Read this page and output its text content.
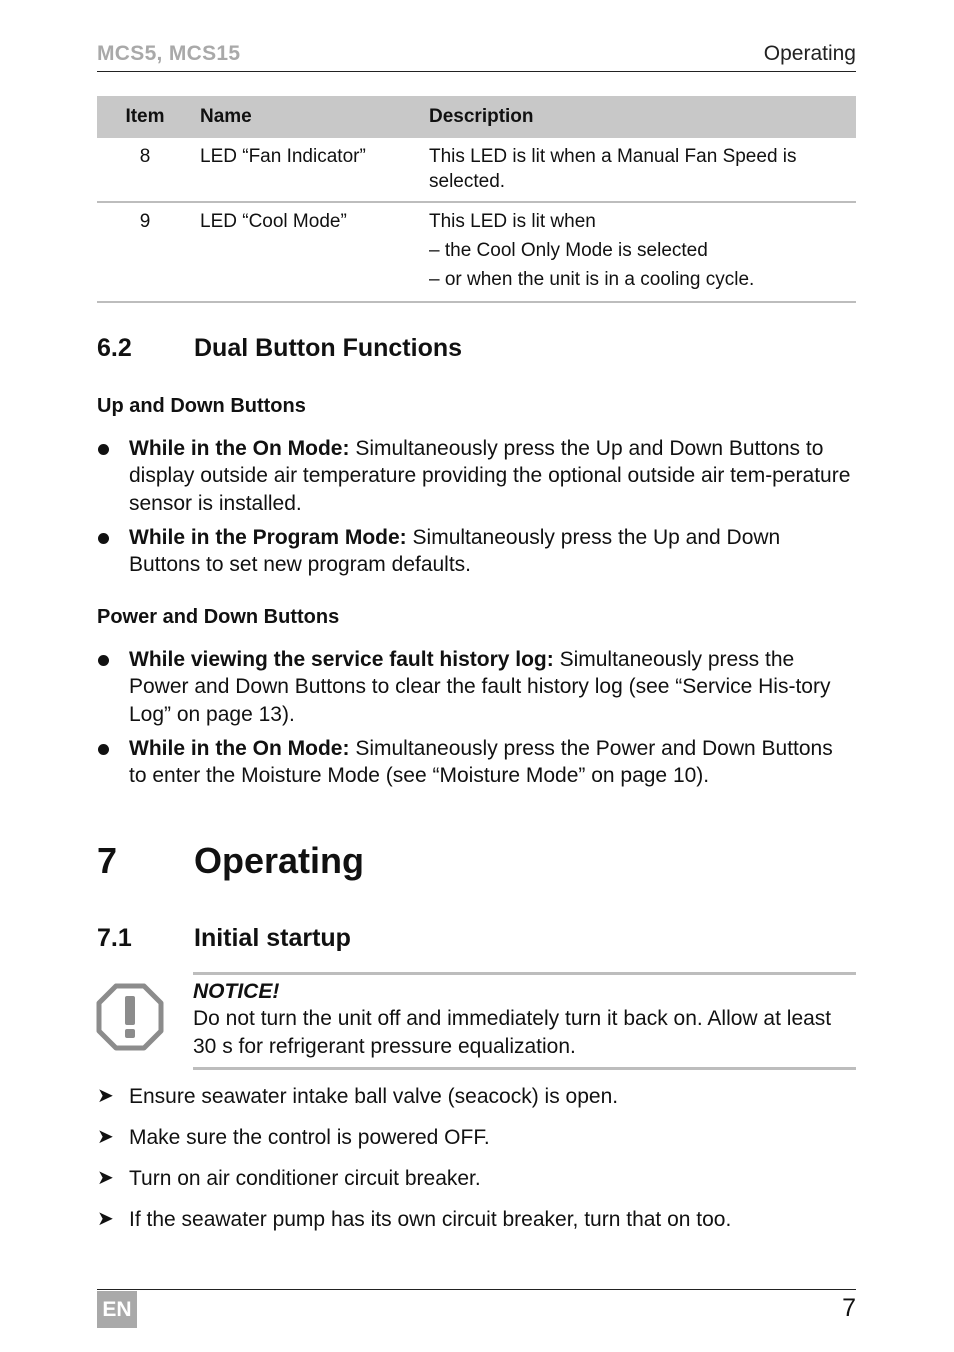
MCS5, MCS15	Operating
Item	Name	Description
8	LED “Fan Indicator”	This LED is lit when a Manual Fan Speed is selected.

9	LED “Cool Mode”	This LED is lit when
– the Cool Only Mode is selected
– or when the unit is in a cooling cycle.
6.2 Dual Button Functions
Up and Down Buttons
While in the On Mode: Simultaneously press the Up and Down Buttons to display outside air temperature providing the optional outside air tem-perature sensor is installed.
While in the Program Mode: Simultaneously press the Up and Down Buttons to set new program defaults.
Power and Down Buttons
While viewing the service fault history log: Simultaneously press the Power and Down Buttons to clear the fault history log (see “Service His-tory Log” on page 13).
While in the On Mode: Simultaneously press the Power and Down Buttons to enter the Moisture Mode (see “Moisture Mode” on page 10).
7 Operating
7.1 Initial startup
NOTICE!
Do not turn the unit off and immediately turn it back on. Allow at least 30 s for refrigerant pressure equalization.
➤ Ensure seawater intake ball valve (seacock) is open.
➤ Make sure the control is powered OFF.
➤ Turn on air conditioner circuit breaker.
➤ If the seawater pump has its own circuit breaker, turn that on too.
EN	7
